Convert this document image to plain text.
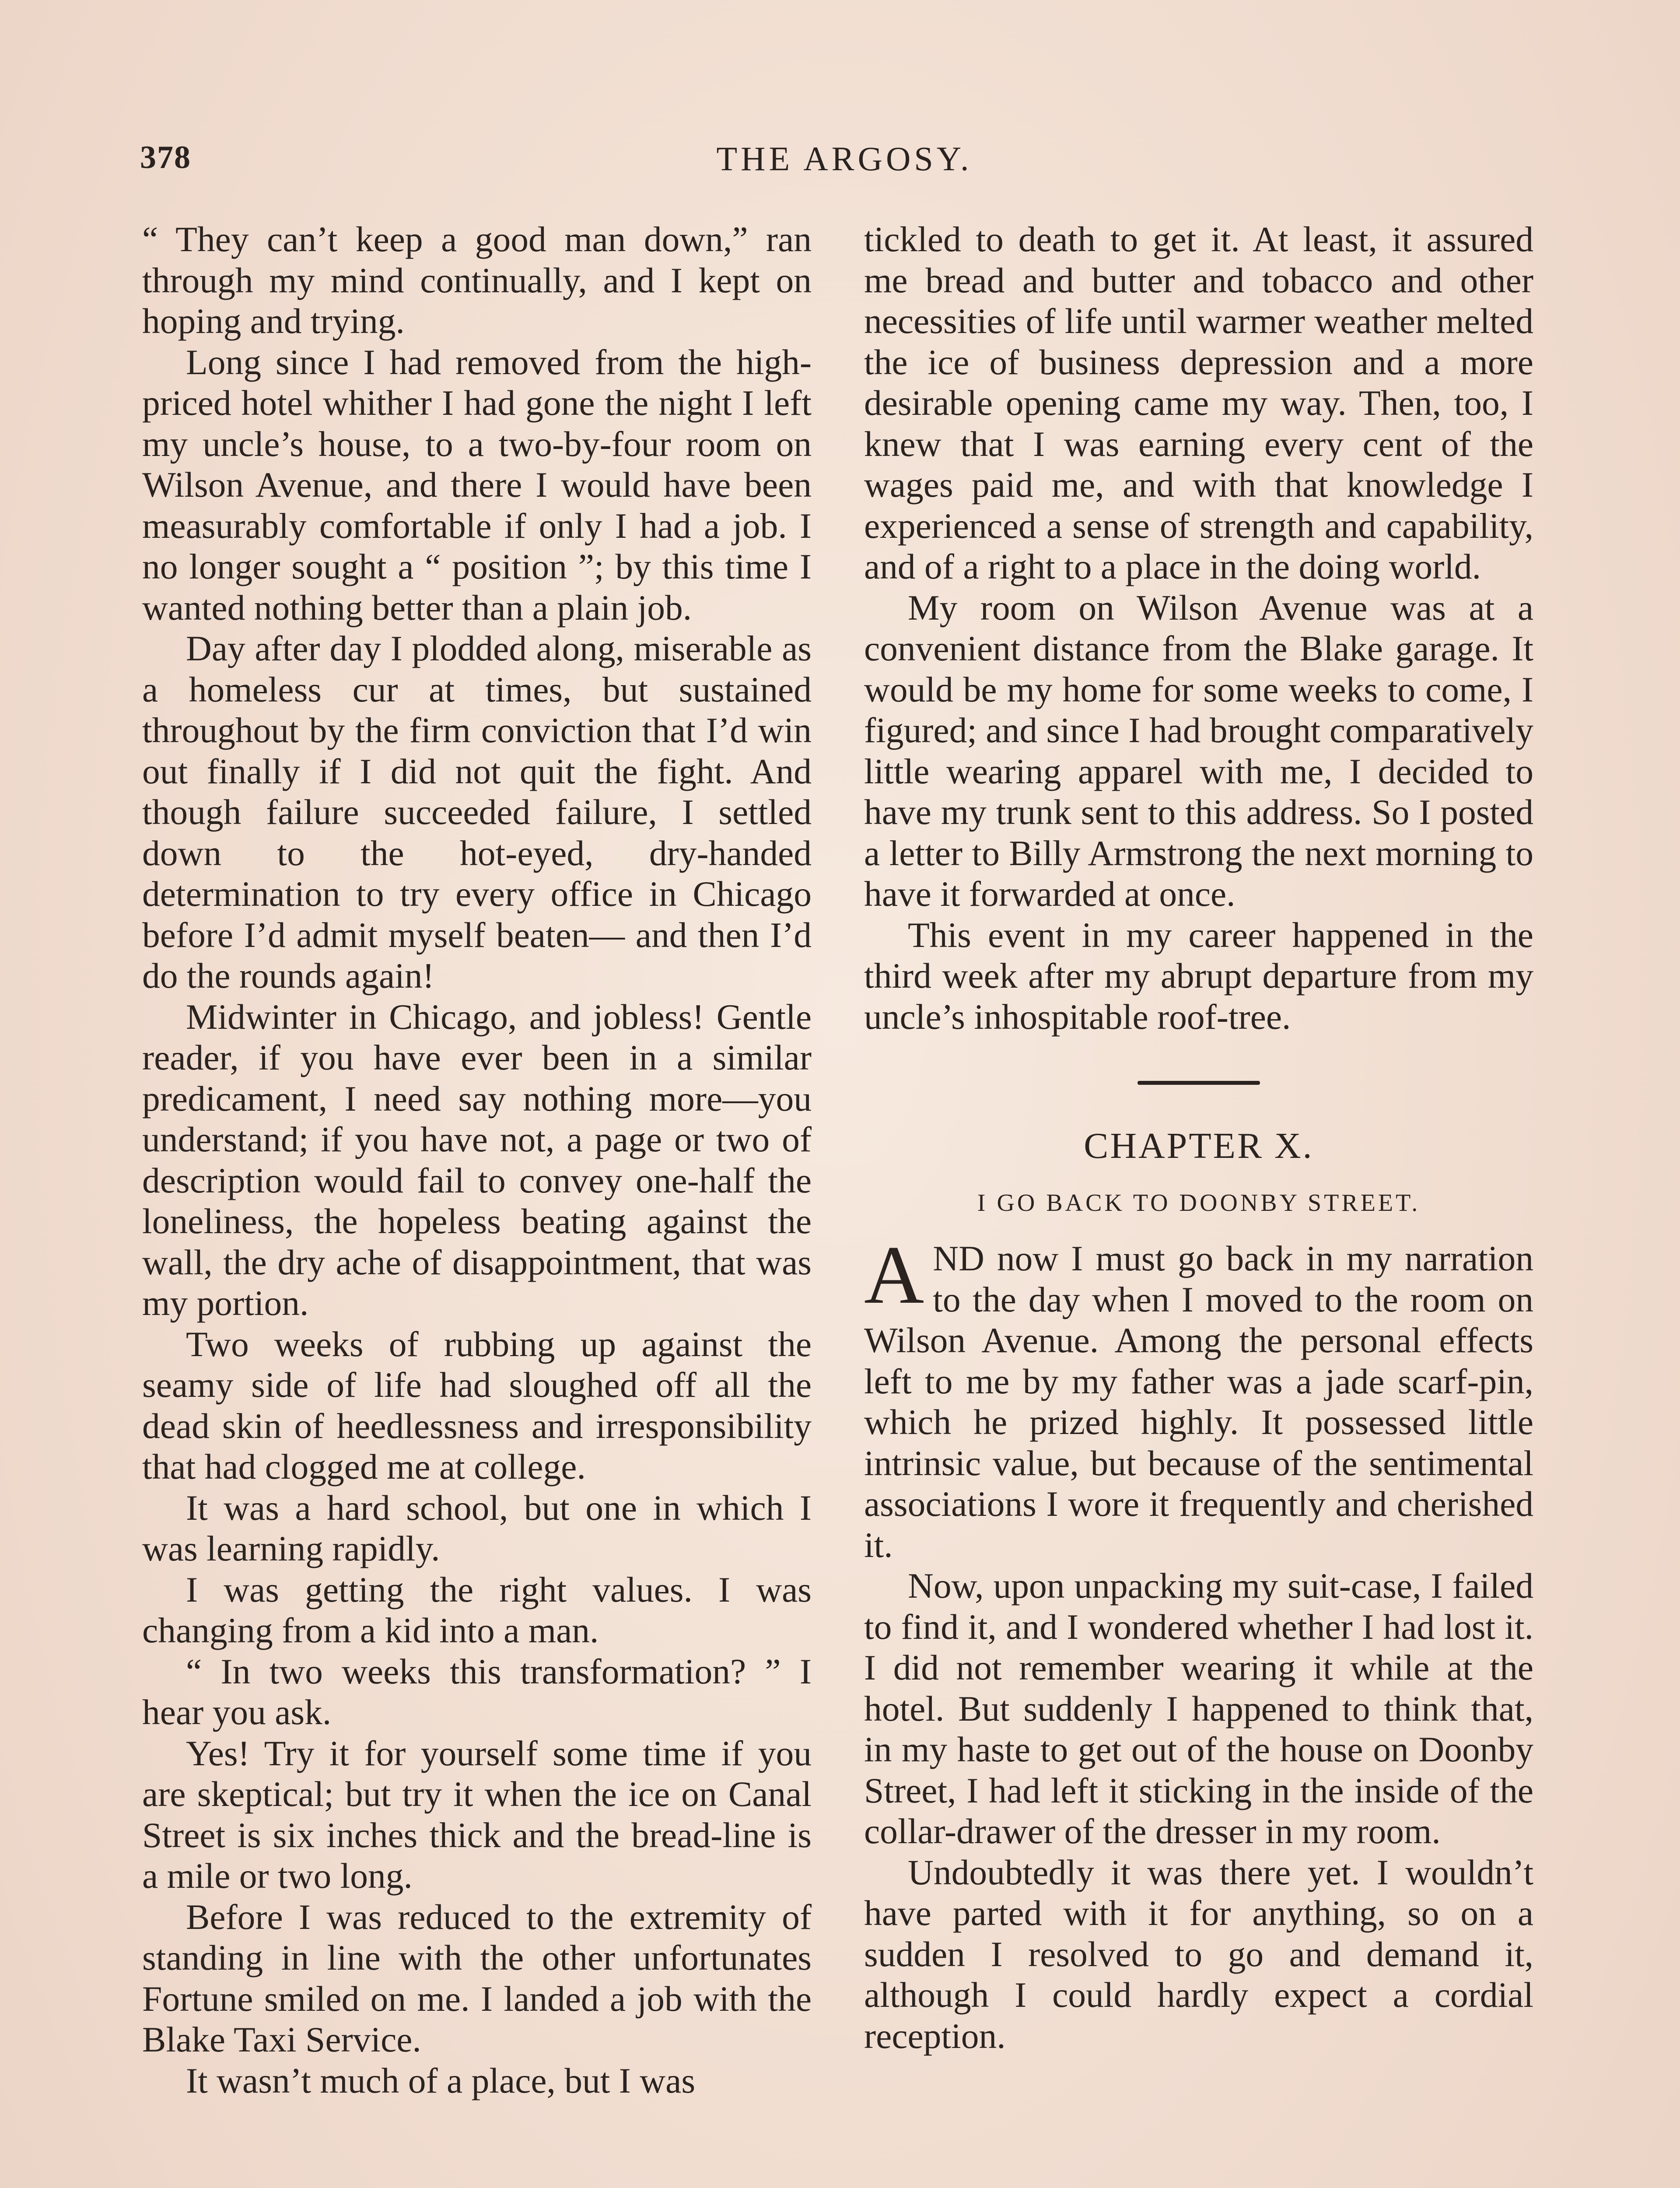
378	THE ARGOSY.

“ They can’t keep a good man down,” ran through my mind continually, and I kept on hoping and trying.

Long since I had removed from the high-priced hotel whither I had gone the night I left my uncle’s house, to a two-by-four room on Wilson Avenue, and there I would have been measurably comfortable if only I had a job. I no longer sought a “ position ”; by this time I wanted nothing better than a plain job.

Day after day I plodded along, miserable as a homeless cur at times, but sustained throughout by the firm conviction that I’d win out finally if I did not quit the fight. And though failure succeeded failure, I settled down to the hot-eyed, dry-handed determination to try every office in Chicago before I’d admit myself beaten— and then I’d do the rounds again!

Midwinter in Chicago, and jobless! Gentle reader, if you have ever been in a similar predicament, I need say nothing more—you understand; if you have not, a page or two of description would fail to convey one-half the loneliness, the hopeless beating against the wall, the dry ache of disappointment, that was my portion.

Two weeks of rubbing up against the seamy side of life had sloughed off all the dead skin of heedlessness and irresponsibility that had clogged me at college.

It was a hard school, but one in which I was learning rapidly.

I was getting the right values. I was changing from a kid into a man.

“ In two weeks this transformation? ” I hear you ask.

Yes! Try it for yourself some time if you are skeptical; but try it when the ice on Canal Street is six inches thick and the bread-line is a mile or two long.

Before I was reduced to the extremity of standing in line with the other unfortunates Fortune smiled on me. I landed a job with the Blake Taxi Service.

It wasn’t much of a place, but I was

tickled to death to get it. At least, it assured me bread and butter and tobacco and other necessities of life until warmer weather melted the ice of business depression and a more desirable opening came my way. Then, too, I knew that I was earning every cent of the wages paid me, and with that knowledge I experienced a sense of strength and capability, and of a right to a place in the doing world.

My room on Wilson Avenue was at a convenient distance from the Blake garage. It would be my home for some weeks to come, I figured; and since I had brought comparatively little wearing apparel with me, I decided to have my trunk sent to this address. So I posted a letter to Billy Armstrong the next morning to have it forwarded at once.

This event in my career happened in the third week after my abrupt departure from my uncle’s inhospitable roof-tree.

CHAPTER X.
I GO BACK TO DOONBY STREET.

AND now I must go back in my narration to the day when I moved to the room on Wilson Avenue. Among the personal effects left to me by my father was a jade scarf-pin, which he prized highly. It possessed little intrinsic value, but because of the sentimental associations I wore it frequently and cherished it.

Now, upon unpacking my suit-case, I failed to find it, and I wondered whether I had lost it. I did not remember wearing it while at the hotel. But suddenly I happened to think that, in my haste to get out of the house on Doonby Street, I had left it sticking in the inside of the collar-drawer of the dresser in my room.

Undoubtedly it was there yet. I wouldn’t have parted with it for anything, so on a sudden I resolved to go and demand it, although I could hardly expect a cordial reception.
